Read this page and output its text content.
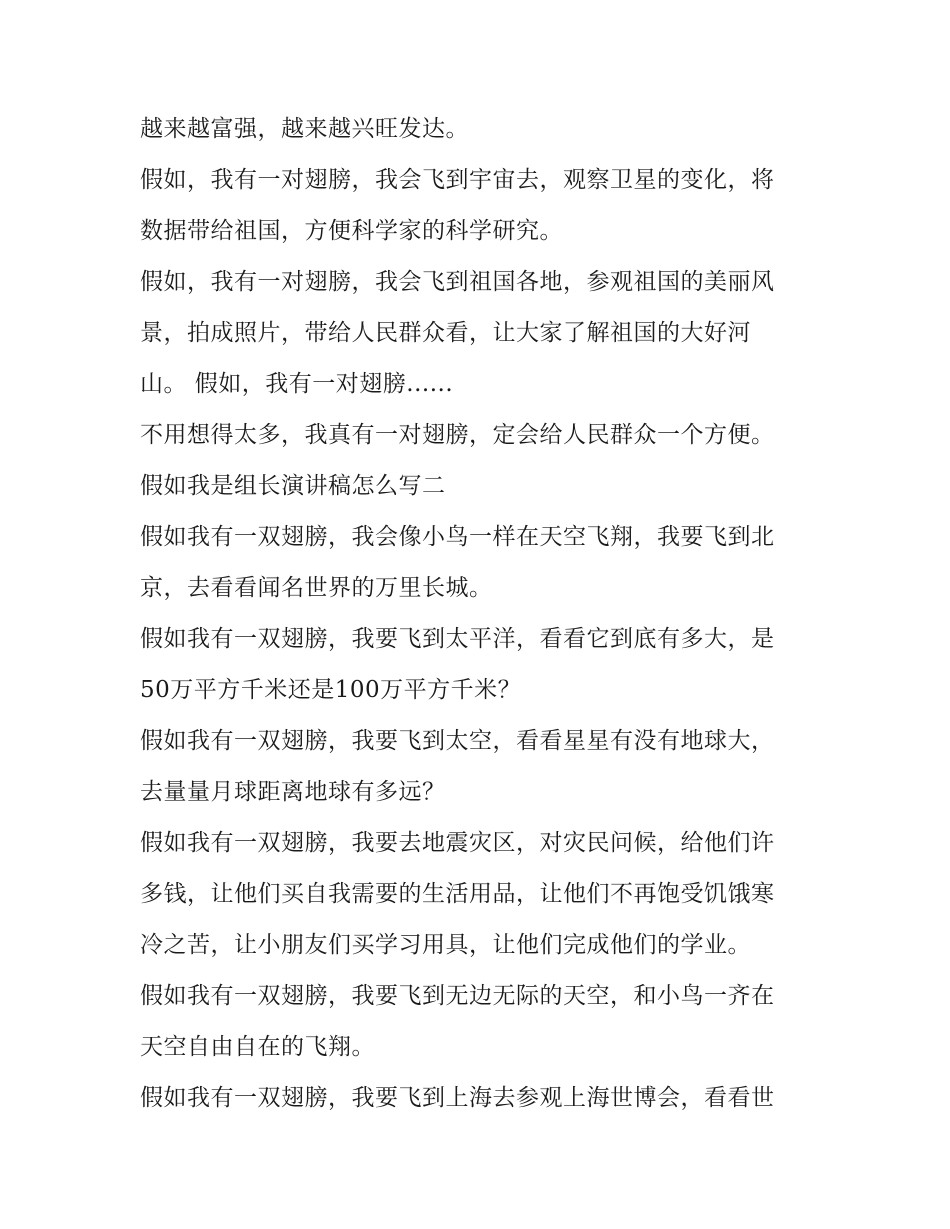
越来越富强，越来越兴旺发达。
假如，我有一对翅膀，我会飞到宇宙去，观察卫星的变化，将
数据带给祖国，方便科学家的科学研究。
假如，我有一对翅膀，我会飞到祖国各地，参观祖国的美丽风
景，拍成照片，带给人民群众看，让大家了解祖国的大好河
山。 假如，我有一对翅膀......
不用想得太多，我真有一对翅膀，定会给人民群众一个方便。
假如我是组长演讲稿怎么写二
假如我有一双翅膀，我会像小鸟一样在天空飞翔，我要飞到北
京，去看看闻名世界的万里长城。
假如我有一双翅膀，我要飞到太平洋，看看它到底有多大，是
50万平方千米还是100万平方千米？
假如我有一双翅膀，我要飞到太空，看看星星有没有地球大，
去量量月球距离地球有多远？
假如我有一双翅膀，我要去地震灾区，对灾民问候，给他们许
多钱，让他们买自我需要的生活用品，让他们不再饱受饥饿寒
冷之苦，让小朋友们买学习用具，让他们完成他们的学业。
假如我有一双翅膀，我要飞到无边无际的天空，和小鸟一齐在
天空自由自在的飞翔。
假如我有一双翅膀，我要飞到上海去参观上海世博会，看看世
